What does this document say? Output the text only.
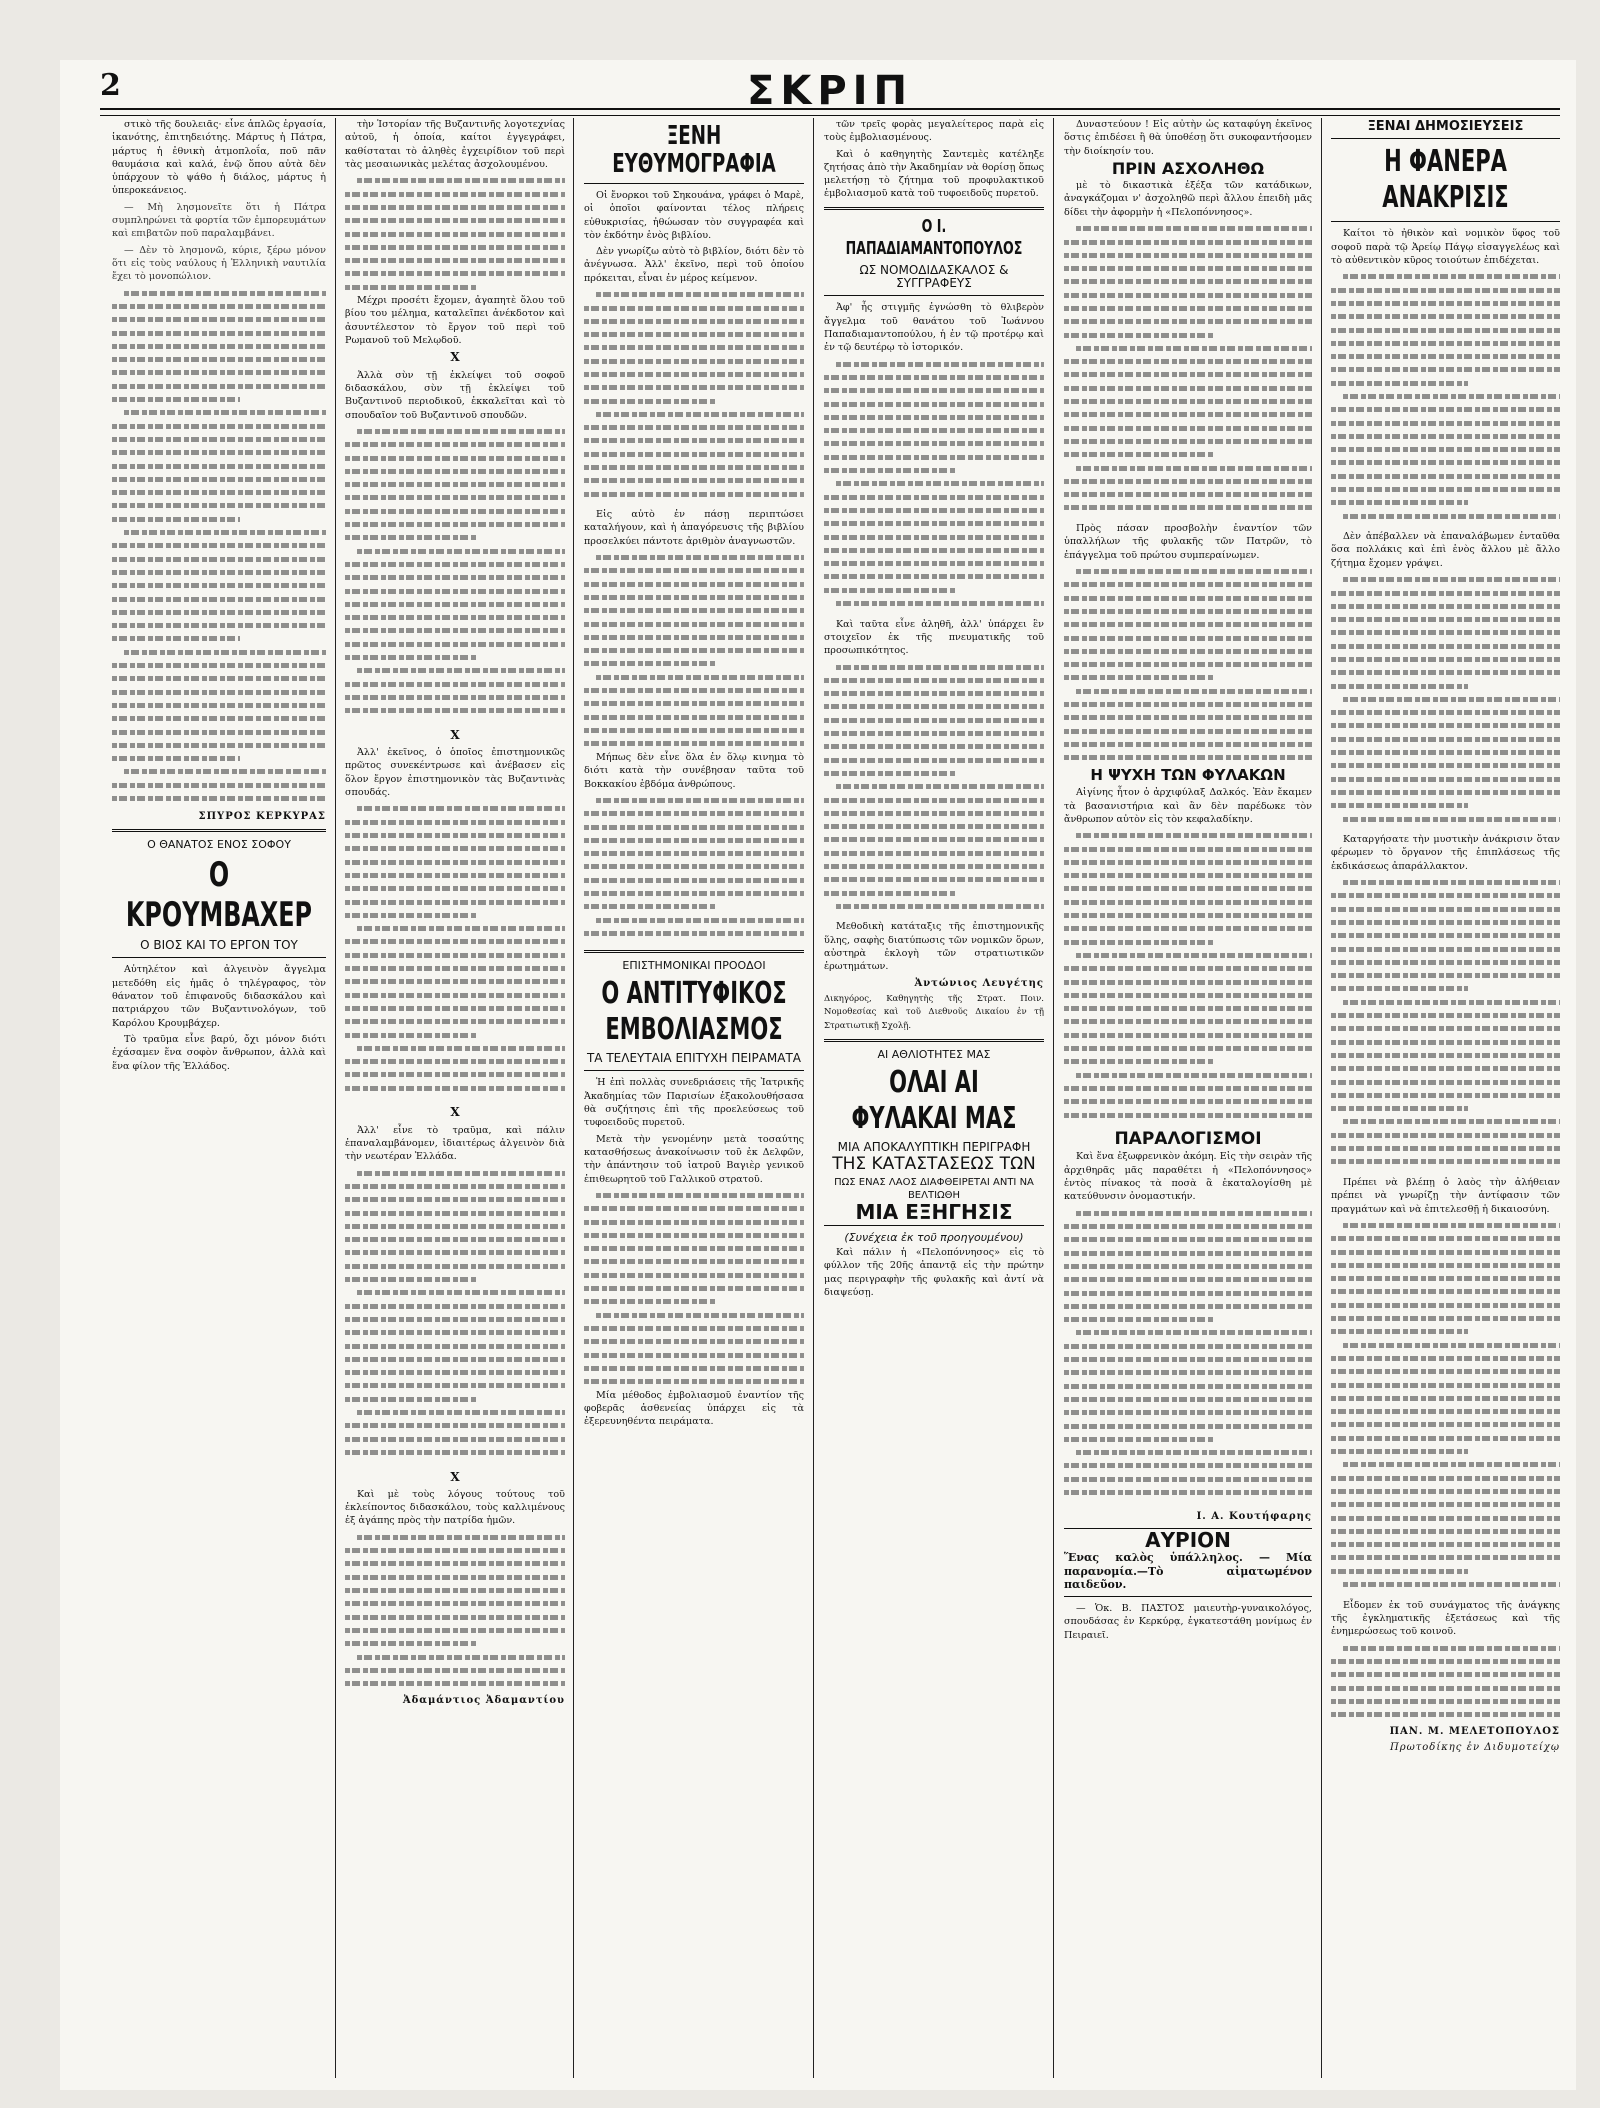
2	ΣΚΡΙΠ

στικὸ τῆς δουλειᾶς· εἶνε ἁπλῶς ἐργασία, ἱκανότης, ἐπιτηδειότης. Μάρτυς ἡ Πάτρα, μάρτυς ἡ ἐθνικὴ ἀτμοπλοΐα, ποῦ πᾶν θαυμάσια καὶ καλά, ἐνῷ ὅπου αὐτὰ δὲν ὑπάρχουν τὸ ψάθο ἡ διάλος, μάρτυς ἡ ὑπεροκεάνειος.

— Μὴ λησμονεῖτε ὅτι ἡ Πάτρα συμπληρώνει τὰ φορτία τῶν ἐμπορευμάτων καὶ επιβατῶν ποῦ παραλαμβάνει.

— Δὲν τὸ λησμονῶ, κύριε, ξέρω μόνον ὅτι εἰς τοὺς ναύλους ἡ Ἑλληνικὴ ναυτιλία ἔχει τὸ μονοπώλιον.

ΣΠΥΡΟΣ ΚΕΡΚΥΡΑΣ
Ο ΘΑΝΑΤΟΣ ΕΝΟΣ ΣΟΦΟΥ
Ο ΚΡΟΥΜΒΑΧΕΡ
Ο ΒΙΟΣ ΚΑΙ ΤΟ ΕΡΓΟΝ ΤΟΥ

Αὐτηλέτον καὶ ἀλγεινὸν ἄγγελμα μετεδόθη εἰς ἡμᾶς ὁ τηλέγραφος, τὸν θάνατον τοῦ ἐπιφανοῦς διδασκάλου καὶ πατριάρχου τῶν Βυζαντινολόγων, τοῦ Καρόλου Κρουμβάχερ.

Τὸ τραῦμα εἶνε βαρύ, ὄχι μόνον διότι ἐχάσαμεν ἕνα σοφὸν ἄνθρωπον, ἀλλὰ καὶ ἕνα φίλον τῆς Ἑλλάδος.

τὴν Ἱστορίαν τῆς Βυζαντινῆς λογοτεχνίας αὐτοῦ, ἡ ὁποία, καίτοι ἐγγεγράφει, καθίσταται τὸ ἀληθὲς ἐγχειρίδιον τοῦ περὶ τὰς μεσαιωνικὰς μελέτας ἀσχολουμένου.

Μέχρι προσέτι ἔχομεν, ἀγαπητὲ ὅλου τοῦ βίου του μέλημα, καταλεῖπει ἀνέκδοτον καὶ ἀσυντέλεστον τὸ ἔργον τοῦ περὶ τοῦ Ρωμανοῦ τοῦ Μελῳδοῦ.

X

Ἀλλὰ σὺν τῇ ἐκλείψει τοῦ σοφοῦ διδασκάλου, σὺν τῇ ἐκλείψει τοῦ Βυζαντινοῦ περιοδικοῦ, ἐκκαλεῖται καὶ τὸ σπουδαῖον τοῦ Βυζαντινοῦ σπουδῶν.

X

Ἀλλ' ἐκεῖνος, ὁ ὁποῖος ἐπιστημονικῶς πρῶτος συνεκέντρωσε καὶ ἀνέβασεν εἰς ὅλον ἔργον ἐπιστημονικὸν τὰς Βυζαντινὰς σπουδάς.

X

Ἀλλ' εἶνε τὸ τραῦμα, καὶ πάλιν ἐπαναλαμβάνομεν, ἰδιαιτέρως ἀλγεινὸν διὰ τὴν νεωτέραν Ἑλλάδα.

X

Καὶ μὲ τοὺς λόγους τούτους τοῦ ἐκλείποντος διδασκάλου, τοὺς καλλιμένους ἐξ ἀγάπης πρὸς τὴν πατρίδα ἡμῶν.

Ἀδαμάντιος Ἀδαμαντίου
ΞΕΝΗ ΕΥΘΥΜΟΓΡΑΦΙΑ

Οἱ ἔνορκοι τοῦ Σηκουάνα, γράφει ὁ Μαρὲ, οἱ ὁποῖοι φαίνονται τέλος πλήρεις εὐθυκρισίας, ἠθώωσαν τὸν συγγραφέα καὶ τὸν ἐκδότην ἑνὸς βιβλίου.

Δὲν γνωρίζω αὐτὸ τὸ βιβλίον, διότι δὲν τὸ ἀνέγνωσα. Ἀλλ' ἐκεῖνο, περὶ τοῦ ὁποίου πρόκειται, εἶναι ἐν μέρος κείμενον.

Εἰς αὐτὸ ἐν πάσῃ περιπτώσει καταλήγουν, καὶ ἡ ἀπαγόρευσις τῆς βιβλίου προσελκύει πάντοτε ἀριθμὸν ἀναγνωστῶν.

Μήπως δὲν εἶνε ὅλα ἐν ὅλῳ κινημα τὸ διότι κατὰ τὴν συνέβησαν ταῦτα τοῦ Βοκκακίου ἑβδόμα ἀνθρώπους.

ΕΠΙΣΤΗΜΟΝΙΚΑΙ ΠΡΟΟΔΟΙ
Ο ΑΝΤΙΤΥΦΙΚΟΣ ΕΜΒΟΛΙΑΣΜΟΣ
ΤΑ ΤΕΛΕΥΤΑΙΑ ΕΠΙΤΥΧΗ ΠΕΙΡΑΜΑΤΑ

Ἡ ἐπὶ πολλὰς συνεδριάσεις τῆς Ἰατρικῆς Ἀκαδημίας τῶν Παρισίων ἐξακολουθήσασα θὰ συζήτησις ἐπὶ τῆς προελεύσεως τοῦ τυφοειδοῦς πυρετοῦ.

Μετὰ τὴν γενομένην μετὰ τοσαύτης κατασθήσεως ἀνακοίνωσιν τοῦ ἐκ Δελφῶν, τὴν ἀπάντησιν τοῦ ἰατροῦ Βαγιὲρ γενικοῦ ἐπιθεωρητοῦ τοῦ Γαλλικοῦ στρατοῦ.

Μία μέθοδος ἐμβολιασμοῦ ἐναντίον τῆς φοβερᾶς ἀσθενείας ὑπάρχει εἰς τὰ ἐξερευνηθέντα πειράματα.

τῶν τρεῖς φορὰς μεγαλείτερος παρὰ εἰς τοὺς ἐμβολιασμένους.

Καὶ ὁ καθηγητὴς Σαντεμὲς κατέληξε ζητήσας ἀπὸ τὴν Ἀκαδημίαν νὰ θορίσῃ ὅπως μελετήσῃ τὸ ζήτημα τοῦ προφυλακτικοῦ ἐμβολιασμοῦ κατὰ τοῦ τυφοειδοῦς πυρετοῦ.

Ο Ι. ΠΑΠΑΔΙΑΜΑΝΤΟΠΟΥΛΟΣ
ΩΣ ΝΟΜΟΔΙΔΑΣΚΑΛΟΣ & ΣΥΓΓΡΑΦΕΥΣ

Ἀφ' ἧς στιγμῆς ἐγνώσθη τὸ θλιβερὸν ἄγγελμα τοῦ θανάτου τοῦ Ἰωάννου Παπαδιαμαντοπούλου, ἡ ἐν τῷ προτέρῳ καὶ ἐν τῷ δευτέρῳ τὸ ἱστορικόν.

Καὶ ταῦτα εἶνε ἀληθῆ, ἀλλ' ὑπάρχει ἓν στοιχεῖον ἐκ τῆς πνευματικῆς τοῦ προσωπικότητος.

Μεθοδικὴ κατάταξις τῆς ἐπιστημονικῆς ὕλης, σαφὴς διατύπωσις τῶν νομικῶν ὅρων, αὐστηρὰ ἐκλογὴ τῶν στρατιωτικῶν ἐρωτημάτων.

Ἀντώνιος Λευγέτης

Δικηγόρος, Καθηγητὴς τῆς Στρατ. Ποιν. Νομοθεσίας καὶ τοῦ Διεθνοῦς Δικαίου ἐν τῇ Στρατιωτικῇ Σχολῇ.

ΑΙ ΑΘΛΙΟΤΗΤΕΣ ΜΑΣ
ΟΛΑΙ ΑΙ ΦΥΛΑΚΑΙ ΜΑΣ
ΜΙΑ ΑΠΟΚΑΛΥΠΤΙΚΗ ΠΕΡΙΓΡΑΦΗ
ΤΗΣ ΚΑΤΑΣΤΑΣΕΩΣ ΤΩΝ
ΠΩΣ ΕΝΑΣ ΛΑΟΣ ΔΙΑΦΘΕΙΡΕΤΑΙ ΑΝΤΙ ΝΑ ΒΕΛΤΙΩΘΗ
ΜΙΑ ΕΞΗΓΗΣΙΣ
(Συνέχεια ἐκ τοῦ προηγουμένου)

Καὶ πάλιν ἡ «Πελοπόννησος» εἰς τὸ φύλλον τῆς 20ῆς ἀπαντᾷ εἰς τὴν πρώτην μας περιγραφὴν τῆς φυλακῆς καὶ ἀντί νὰ διαψεύσῃ.

Δυναστεύουν ! Εἰς αὐτὴν ὡς καταφύγη ἐκεῖνος ὅστις ἐπιδέσει ἢ θὰ ὑποθέσῃ ὅτι συκοφαντήσομεν τὴν διοίκησίν του.

ΠΡΙΝ ΑΣΧΟΛΗΘΩ

μὲ τὸ δικαστικὰ ἐξέξα τῶν κατάδικων, ἀναγκάζομαι ν' ἀσχοληθῶ περὶ ἄλλου ἐπειδὴ μᾶς δίδει τὴν ἀφορμὴν ἡ «Πελοπόννησος».

Πρὸς πάσαν προσβολὴν ἐναντίον τῶν ὑπαλλήλων τῆς φυλακῆς τῶν Πατρῶν, τὸ ἐπάγγελμα τοῦ πρώτου συμπεραίνωμεν.

Η ΨΥΧΗ ΤΩΝ ΦΥΛΑΚΩΝ

Αἰγίνης ἦτον ὁ ἀρχιφύλαξ Δαλκός. Ἐὰν ἔκαμεν τὰ βασανιστήρια καὶ ἂν δὲν παρέδωκε τὸν ἄνθρωπον αὐτὸν εἰς τὸν κεφαλαδίκην.

ΠΑΡΑΛΟΓΙΣΜΟΙ

Καὶ ἕνα ἐξωφρενικὸν ἀκόμη. Εἰς τὴν σειρὰν τῆς ἀρχιθηρᾶς μᾶς παραθέτει ἡ «Πελοπόννησος» ἐντὸς πίνακος τὰ ποσὰ ἃ ἐκαταλογίσθη μὲ κατεύθυνσιν ὀνομαστικήν.

Ι. Α. Κουτήφαρης
ΑΥΡΙΟΝ

Ἕνας καλὸς ὑπάλληλος. — Μία παρανομία.—Τὸ αἰματωμένον παιδεῦον.

— Ὁκ. Β. ΠΑΣΤΟΣ μαιευτὴρ-γυναικολόγος, σπουδάσας ἐν Κερκύρᾳ, ἐγκατεστάθη μονίμως ἐν Πειραιεῖ.

ΞΕΝΑΙ ΔΗΜΟΣΙΕΥΣΕΙΣ
Η ΦΑΝΕΡΑ ΑΝΑΚΡΙΣΙΣ

Καίτοι τὸ ἠθικὸν καὶ νομικὸν ὕφος τοῦ σοφοῦ παρὰ τῷ Ἀρείῳ Πάγῳ εἰσαγγελέως καὶ τὸ αὐθεντικὸν κῦρος τοιούτων ἐπιδέχεται.

Δὲν ἀπέβαλλεν νὰ ἐπαναλάβωμεν ἐνταῦθα ὅσα πολλάκις καὶ ἐπὶ ἑνὸς ἄλλου μὲ ἄλλο ζήτημα ἔχομεν γράψει.

Καταργήσατε τὴν μυστικὴν ἀνάκρισιν ὅταν φέρωμεν τὸ ὄργανον τῆς ἐπιπλάσεως τῆς ἐκδικάσεως ἀπαράλλακτον.

Πρέπει νὰ βλέπῃ ὁ λαὸς τὴν ἀλήθειαν πρέπει νὰ γνωρίζῃ τὴν ἀντίφασιν τῶν πραγμάτων καὶ νὰ ἐπιτελεσθῇ ἡ δικαιοσύνη.

Εἶδομεν ἐκ τοῦ συνάγματος τῆς ἀνάγκης τῆς ἐγκληματικῆς ἐξετάσεως καὶ τῆς ἐνημερώσεως τοῦ κοινοῦ.

ΠΑΝ. Μ. ΜΕΛΕΤΟΠΟΥΛΟΣ
Πρωτοδίκης ἐν Διδυμοτείχῳ
